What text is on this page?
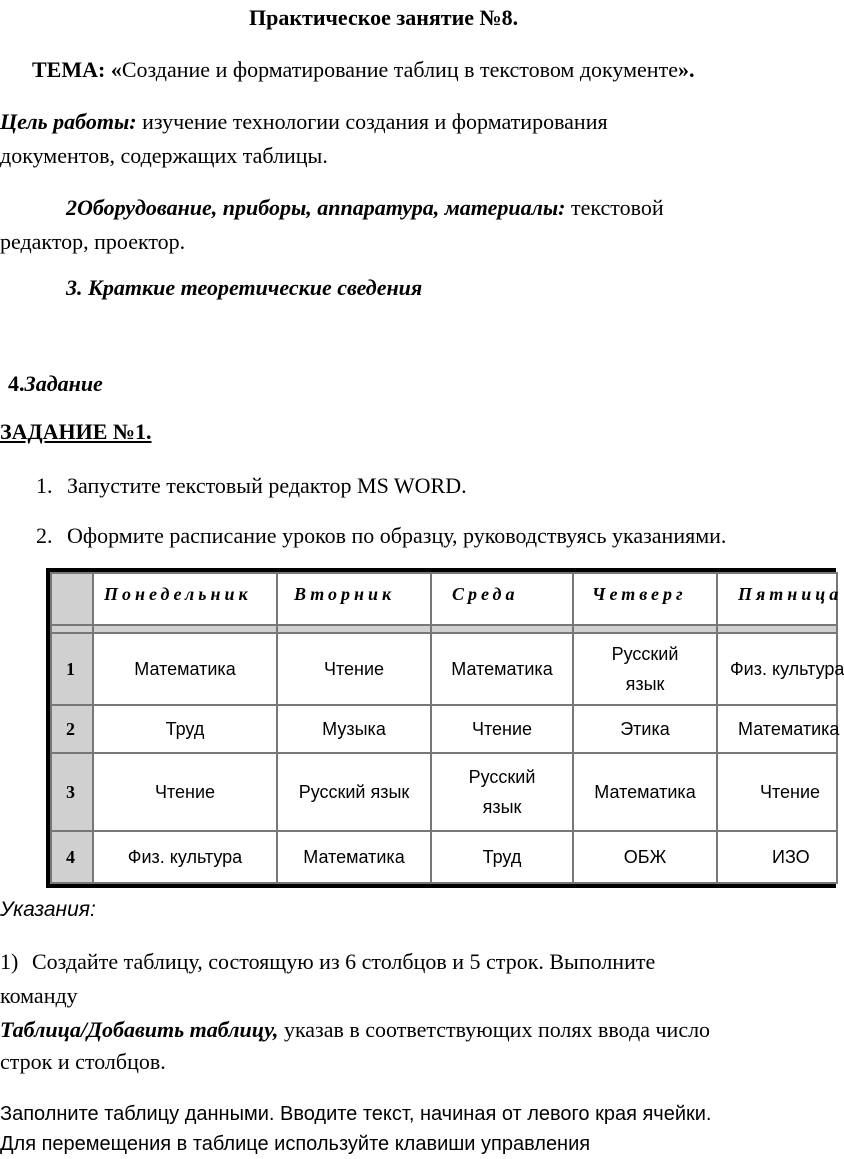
Практическое занятие №8.
ТЕМА: «Создание и форматирование таблиц в текстовом документе».
Цель работы: изучение технологии создания и форматирования
документов, содержащих таблицы.
2Оборудование, приборы, аппаратура, материалы: текстовой
редактор, проектор.
3. Краткие теоретические сведения
4.Задание
ЗАДАНИЕ №1.
1. Запустите текстовый редактор MS WORD.
2. Оформите расписание уроков по образцу, руководствуясь указаниями.
	Понедельник	Вторник	Среда	Четверг	Пятница

1	Математика	Чтение	Математика	Русский язык	Физ. культура
2	Труд	Музыка	Чтение	Этика	Математика
3	Чтение	Русский язык	Русский язык	Математика	Чтение
4	Физ. культура	Математика	Труд	ОБЖ	ИЗО
Указания:
1) Создайте таблицу, состоящую из 6 столбцов и 5 строк. Выполните
команду
Таблица/Добавить таблицу, указав в соответствующих полях ввода число
строк и столбцов.
Заполните таблицу данными. Вводите текст, начиная от левого края ячейки.
Для перемещения в таблице используйте клавиши управления
